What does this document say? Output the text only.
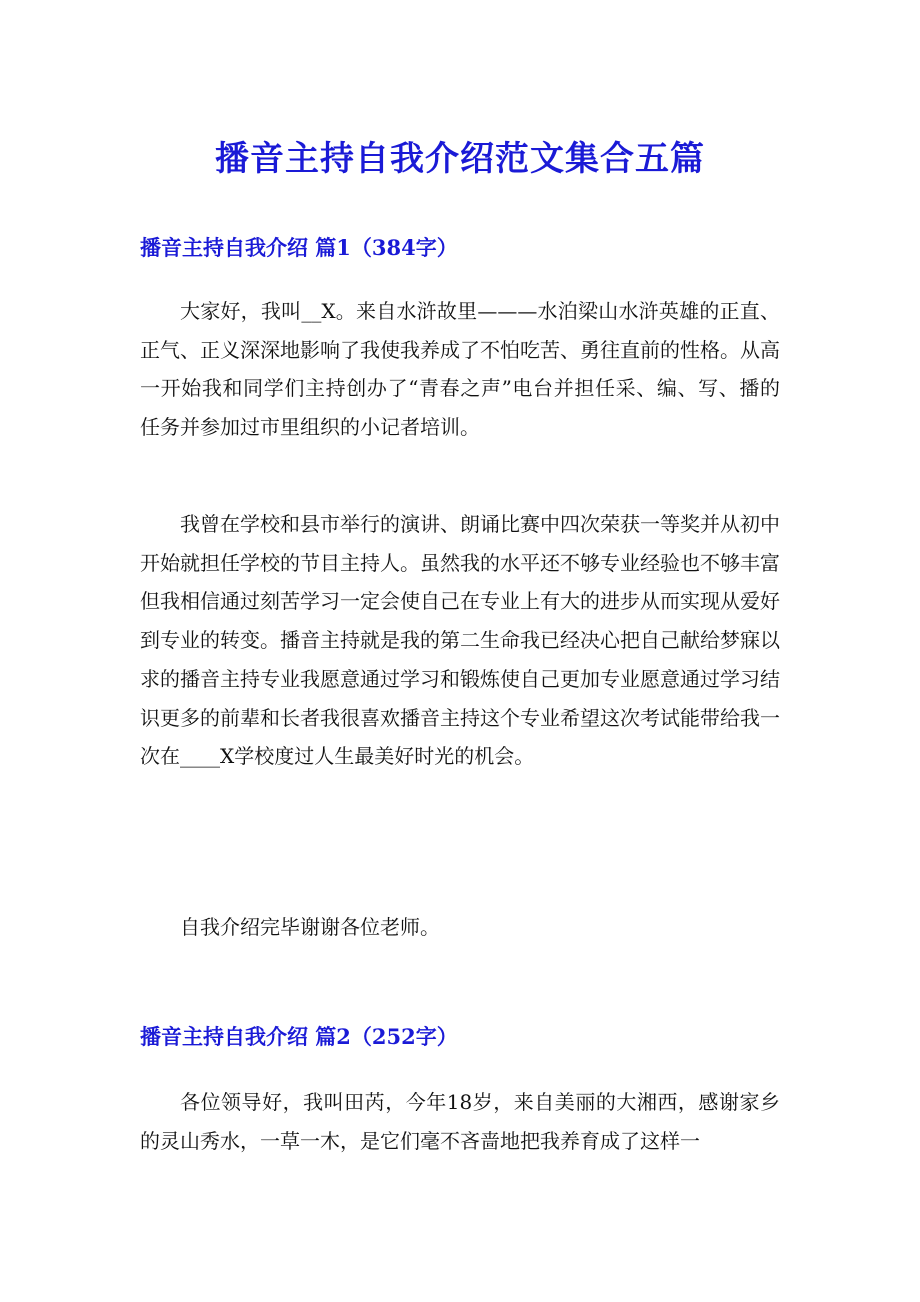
播音主持自我介绍范文集合五篇
播音主持自我介绍 篇1（384字）

大家好，我叫__X。来自水浒故里———水泊梁山水浒英雄的正直、正气、正义深深地影响了我使我养成了不怕吃苦、勇往直前的性格。从高一开始我和同学们主持创办了“青春之声”电台并担任采、编、写、播的任务并参加过市里组织的小记者培训。

我曾在学校和县市举行的演讲、朗诵比赛中四次荣获一等奖并从初中开始就担任学校的节目主持人。虽然我的水平还不够专业经验也不够丰富但我相信通过刻苦学习一定会使自己在专业上有大的进步从而实现从爱好到专业的转变。播音主持就是我的第二生命我已经决心把自己献给梦寐以求的播音主持专业我愿意通过学习和锻炼使自己更加专业愿意通过学习结识更多的前辈和长者我很喜欢播音主持这个专业希望这次考试能带给我一次在____X学校度过人生最美好时光的机会。

自我介绍完毕谢谢各位老师。

播音主持自我介绍 篇2（252字）

各位领导好，我叫田芮，今年18岁，来自美丽的大湘西，感谢家乡的灵山秀水，一草一木，是它们毫不吝啬地把我养育成了这样一
